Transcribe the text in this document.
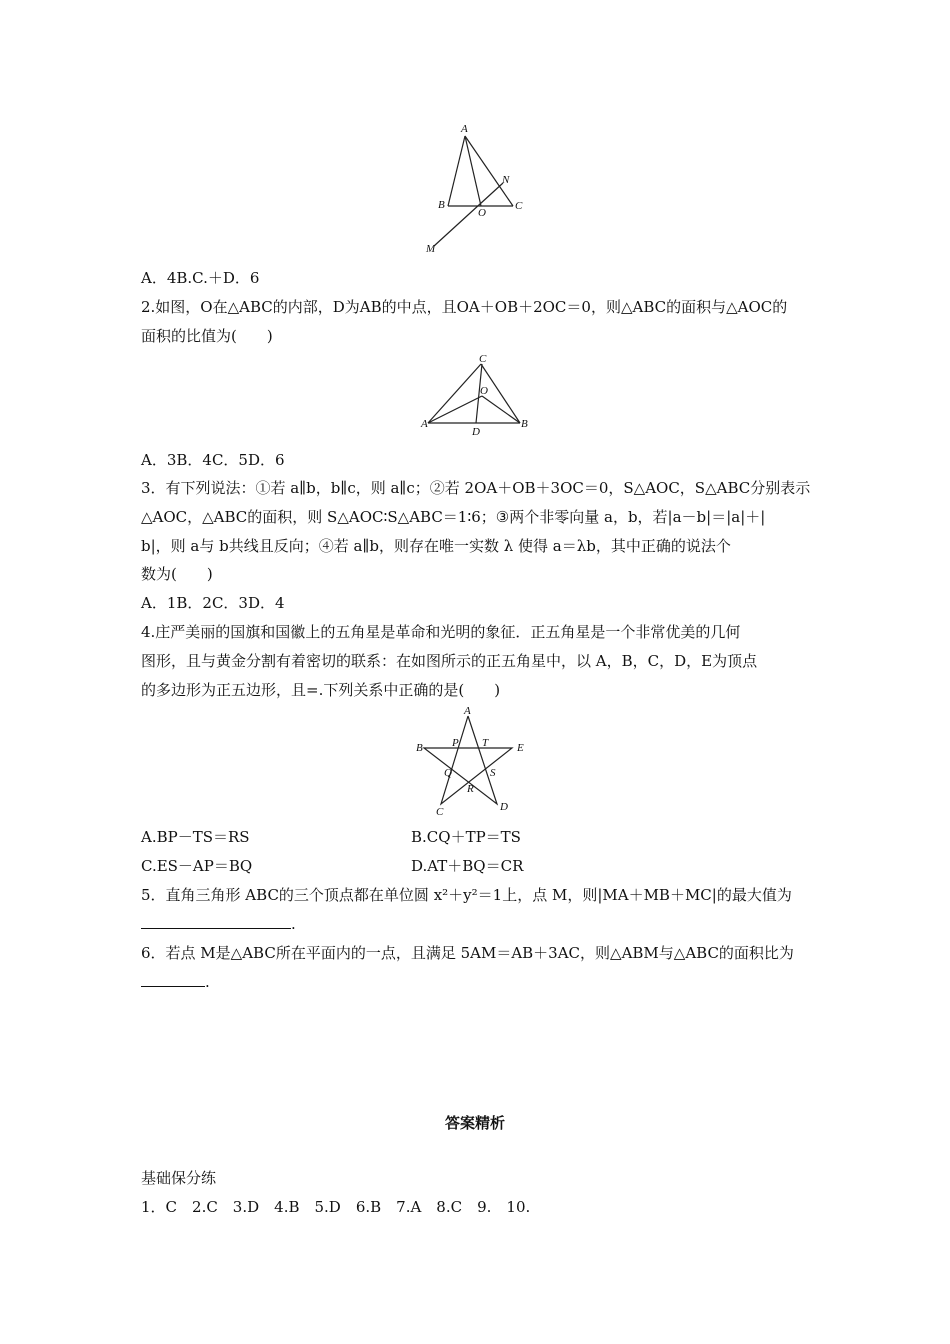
A
N
B
O
C
M
A．4B.C.＋D．6
2.如图，O在△ABC的内部，D为AB的中点，且OA＋OB＋2OC＝0，则△ABC的面积与△AOC的
面积的比值为(　　)
C
O
A
D
B
A．3B．4C．5D．6
3．有下列说法：①若 a∥b，b∥c，则 a∥c；②若 2OA＋OB＋3OC＝0，S△AOC，S△ABC分别表示
△AOC，△ABC的面积，则 S△AOC∶S△ABC＝1∶6；③两个非零向量 a，b，若|a－b|＝|a|＋|
b|，则 a与 b共线且反向；④若 a∥b，则存在唯一实数 λ 使得 a＝λb，其中正确的说法个
数为(　　)
A．1B．2C．3D．4
4.庄严美丽的国旗和国徽上的五角星是革命和光明的象征．正五角星是一个非常优美的几何
图形，且与黄金分割有着密切的联系：在如图所示的正五角星中，以 A，B，C，D，E为顶点
的多边形为正五边形，且=.下列关系中正确的是(　　)
A
B	P T	E
Q	S
R
C	D
A.BP－TS＝RS	B.CQ＋TP＝TS
C.ES－AP＝BQ	D.AT＋BQ＝CR
5．直角三角形 ABC的三个顶点都在单位圆 x²＋y²＝1上，点 M，则|MA＋MB＋MC|的最大值为
.
6．若点 M是△ABC所在平面内的一点，且满足 5AM＝AB＋3AC，则△ABM与△ABC的面积比为
.
答案精析
基础保分练
1．C　2.C　3.D　4.B　5.D　6.B　7.A　8.C　9.　10.
